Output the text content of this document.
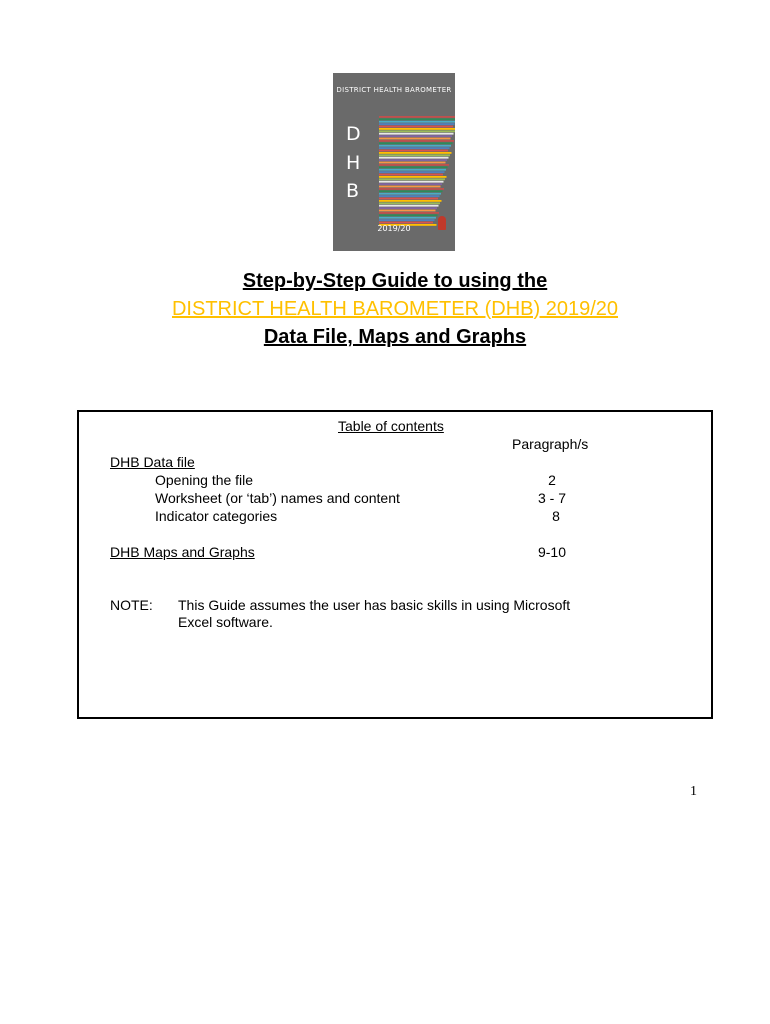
DISTRICT HEALTH BAROMETER
D
H
B
2019/20
Step-by-Step Guide to using the
DISTRICT HEALTH BAROMETER (DHB) 2019/20
Data File, Maps and Graphs
Table of contents
Paragraph/s
DHB Data file
Opening the file	2
Worksheet (or ‘tab’) names and content	3 - 7
Indicator categories	8
DHB Maps and Graphs	9-10
NOTE: This Guide assumes the user has basic skills in using Microsoft Excel software.
1
